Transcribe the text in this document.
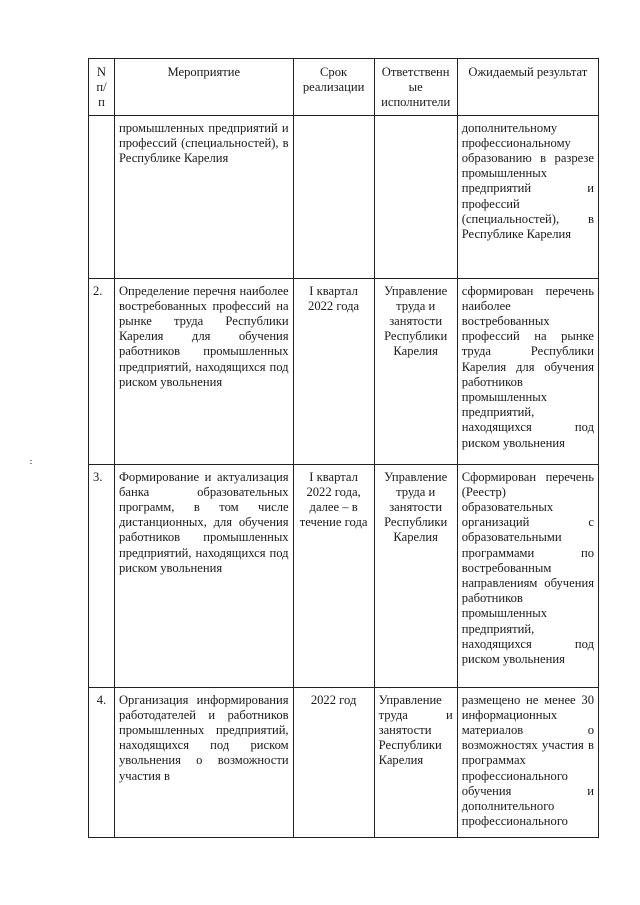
N п/п	Мероприятие	Срок реализации	Ответственные исполнители	Ожидаемый результат
	промышленных предприятий и профессий (специальностей), в Республике Карелия			дополнительному профессиональному образованию в разрезе промышленных предприятий и профессий (специальностей), в Республике Карелия
2.	Определение перечня наиболее востребованных профессий на рынке труда Республики Карелия для обучения работников промышленных предприятий, находящихся под риском увольнения	I квартал 2022 года	Управление труда и занятости Республики Карелия	сформирован перечень наиболее востребованных профессий на рынке труда Республики Карелия для обучения работников промышленных предприятий, находящихся под риском увольнения
3.	Формирование и актуализация банка образовательных программ, в том числе дистанционных, для обучения работников промышленных предприятий, находящихся под риском увольнения	I квартал 2022 года, далее – в течение года	Управление труда и занятости Республики Карелия	Сформирован перечень (Реестр) образовательных организаций с образовательными программами по востребованным направлениям обучения работников промышленных предприятий, находящихся под риском увольнения
4.	Организация информирования работодателей и работников промышленных предприятий, находящихся под риском увольнения о возможности участия в	2022 год	Управление труда и занятости Республики Карелия	размещено не менее 30 информационных материалов о возможностях участия в программах профессионального обучения и дополнительного профессионального
